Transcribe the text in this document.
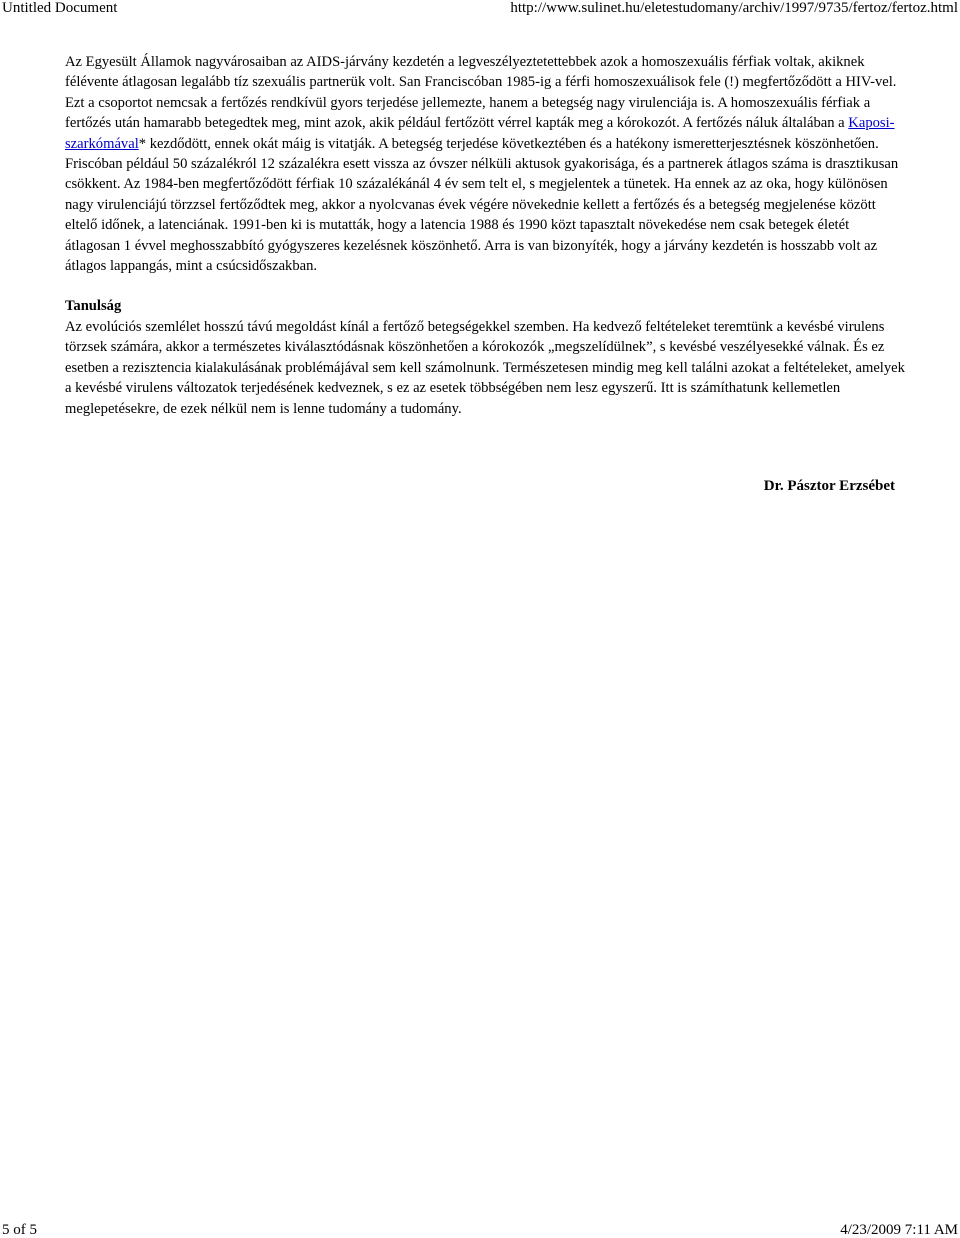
Untitled Document	http://www.sulinet.hu/eletestudomany/archiv/1997/9735/fertoz/fertoz.html

Az Egyesült Államok nagyvárosaiban az AIDS-járvány kezdetén a legveszélyeztetettebbek azok a homoszexuális férfiak voltak, akiknek félévente átlagosan legalább tíz szexuális partnerük volt. San Franciscóban 1985-ig a férfi homoszexuálisok fele (!) megfertőződött a HIV-vel. Ezt a csoportot nemcsak a fertőzés rendkívül gyors terjedése jellemezte, hanem a betegség nagy virulenciája is. A homoszexuális férfiak a fertőzés után hamarabb betegedtek meg, mint azok, akik például fertőzött vérrel kapták meg a kórokozót. A fertőzés náluk általában a Kaposi-szarkómával* kezdődött, ennek okát máig is vitatják. A betegség terjedése következtében és a hatékony ismeretterjesztésnek köszönhetően. Friscóban például 50 százalékról 12 százalékra esett vissza az óvszer nélküli aktusok gyakorisága, és a partnerek átlagos száma is drasztikusan csökkent. Az 1984-ben megfertőződött férfiak 10 százalékánál 4 év sem telt el, s megjelentek a tünetek. Ha ennek az az oka, hogy különösen nagy virulenciájú törzzsel fertőződtek meg, akkor a nyolcvanas évek végére növekednie kellett a fertőzés és a betegség megjelenése között eltelő időnek, a latenciának. 1991-ben ki is mutatták, hogy a latencia 1988 és 1990 közt tapasztalt növekedése nem csak betegek életét átlagosan 1 évvel meghosszabbító gyógyszeres kezelésnek köszönhető. Arra is van bizonyíték, hogy a járvány kezdetén is hosszabb volt az átlagos lappangás, mint a csúcsidőszakban.

Tanulság

Az evolúciós szemlélet hosszú távú megoldást kínál a fertőző betegségekkel szemben. Ha kedvező feltételeket teremtünk a kevésbé virulens törzsek számára, akkor a természetes kiválasztódásnak köszönhetően a kórokozók „megszelídülnek”, s kevésbé veszélyesekké válnak. És ez esetben a rezisztencia kialakulásának problémájával sem kell számolnunk. Természetesen mindig meg kell találni azokat a feltételeket, amelyek a kevésbé virulens változatok terjedésének kedveznek, s ez az esetek többségében nem lesz egyszerű. Itt is számíthatunk kellemetlen meglepetésekre, de ezek nélkül nem is lenne tudomány a tudomány.

Dr. Pásztor Erzsébet
5 of 5	4/23/2009 7:11 AM
